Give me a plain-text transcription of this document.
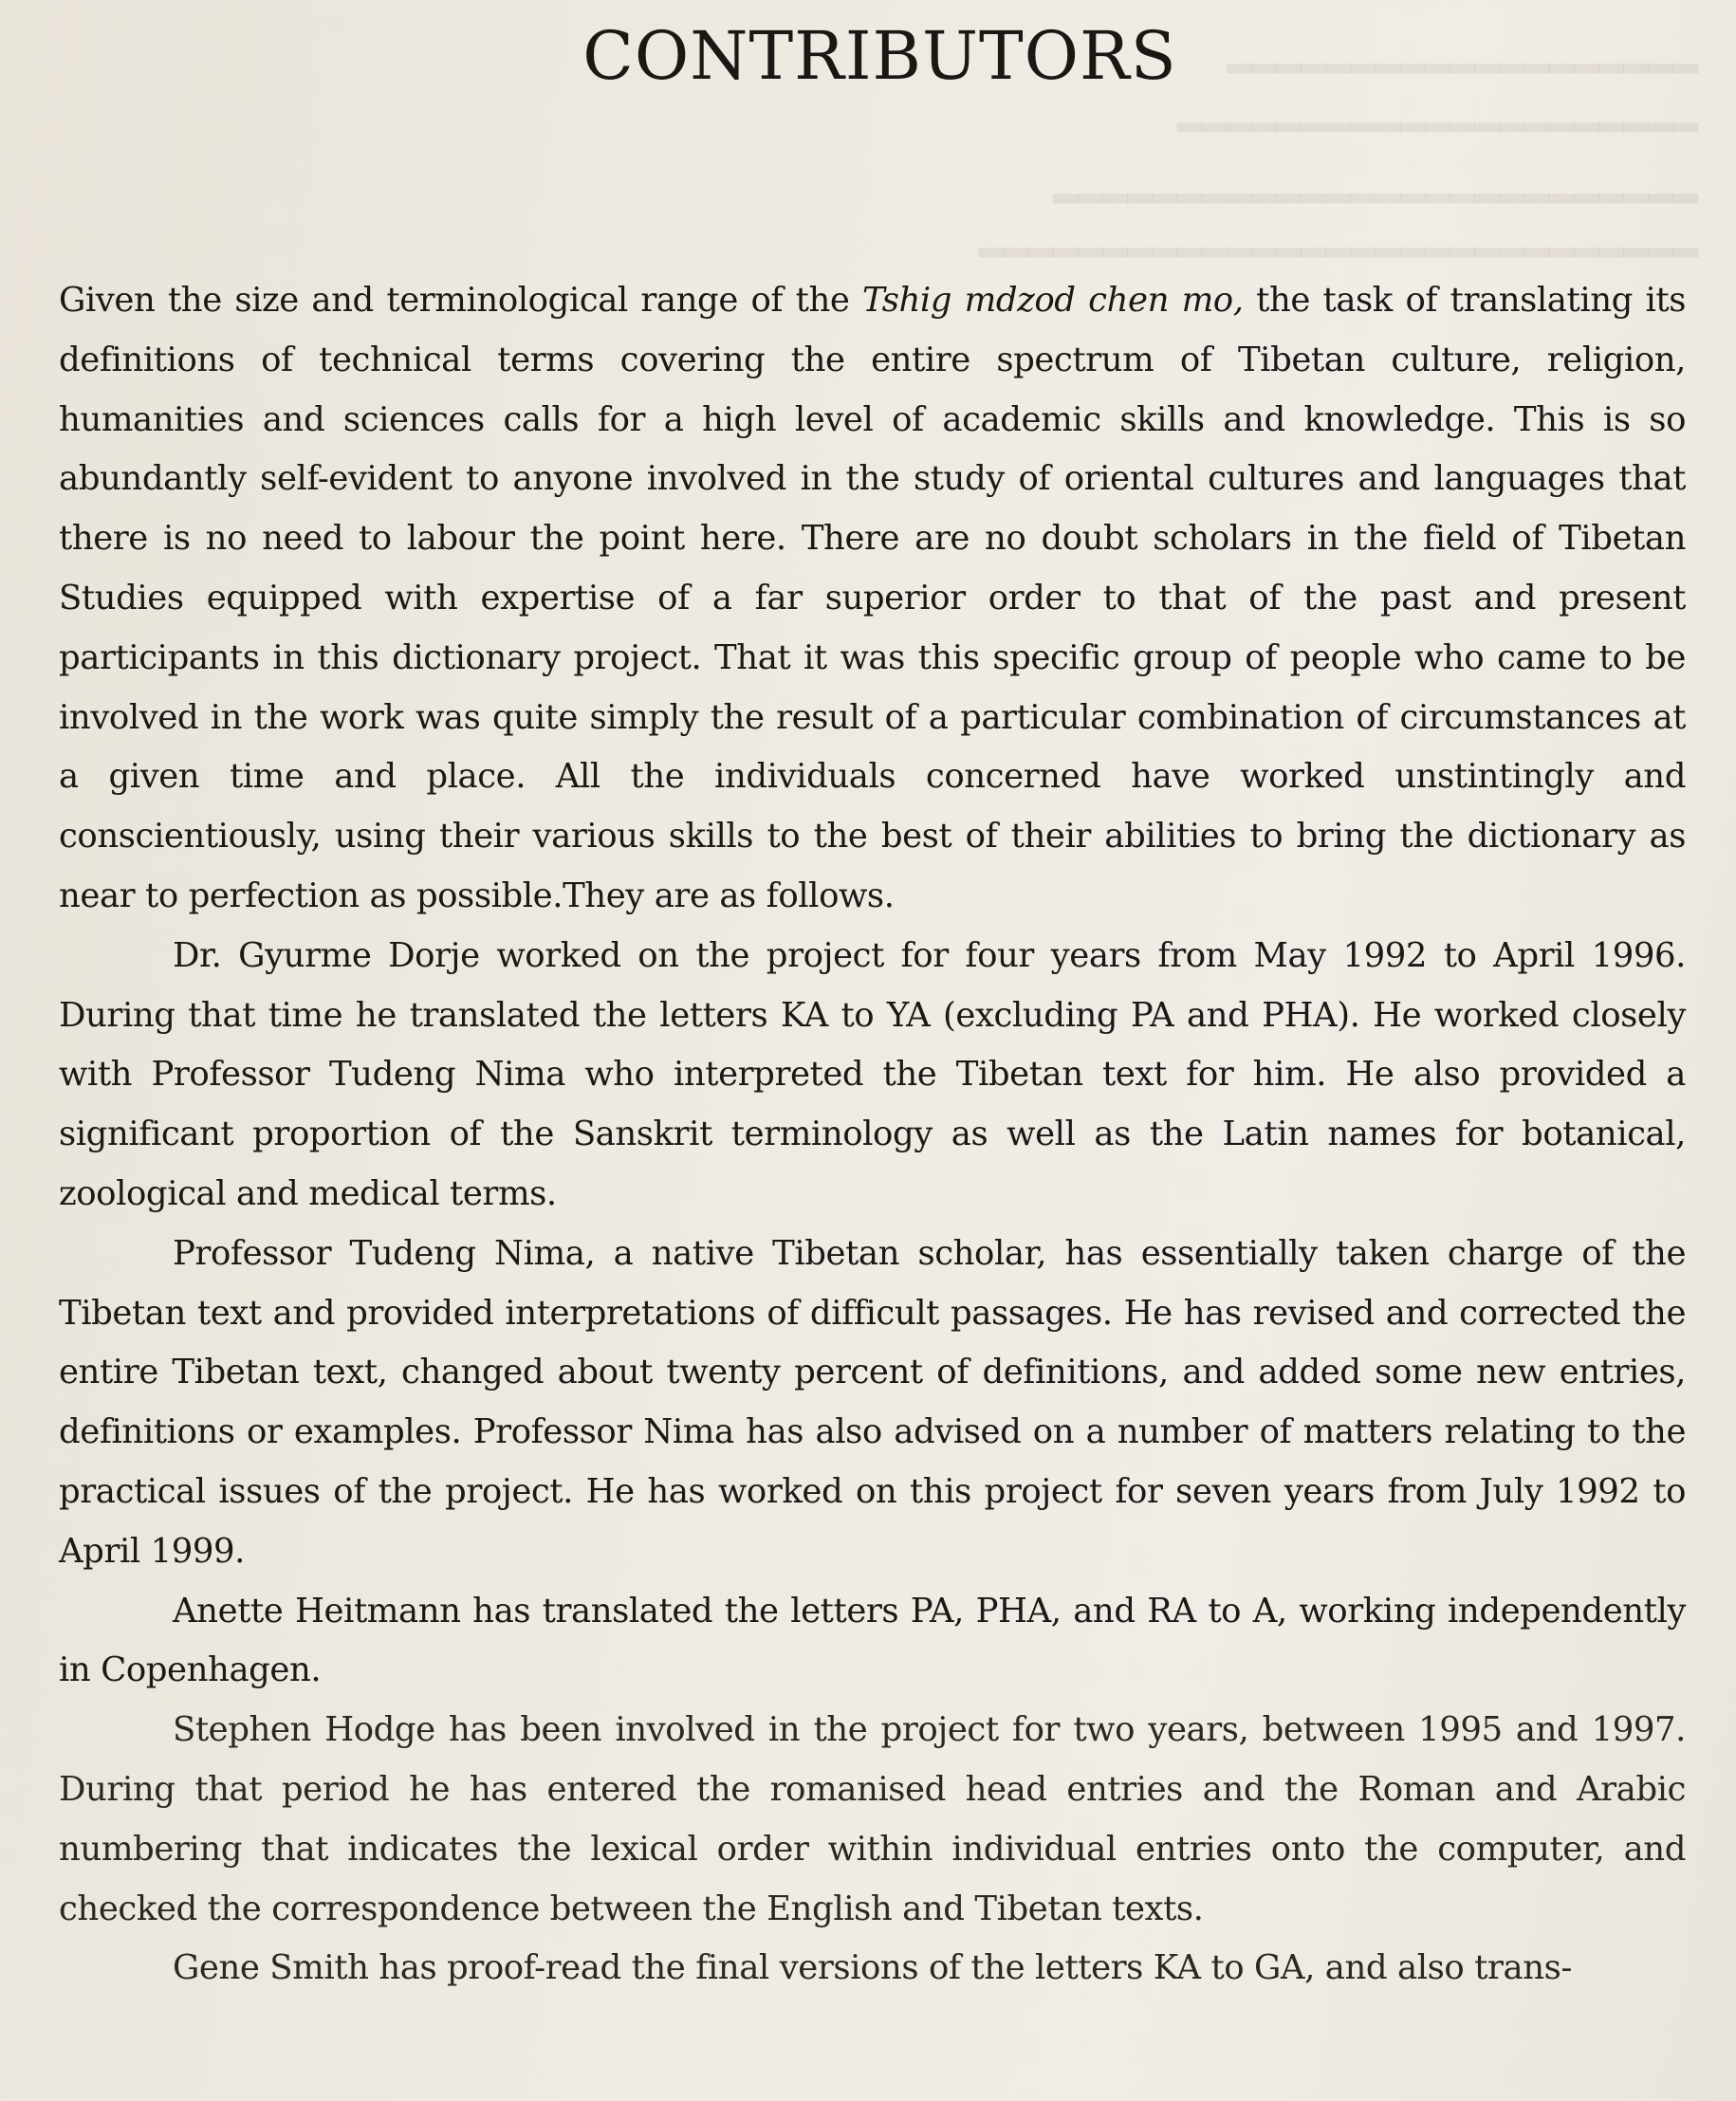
▂▂▂▂▂▂▂▂▂▂▂▂▂▂▂▂▂▂▂
▂▂▂▂▂▂▂▂▂▂▂▂▂▂▂▂▂▂▂▂▂
▂▂▂▂▂▂▂▂▂▂▂▂▂▂▂▂▂▂▂▂▂▂▂▂▂▂
▂▂▂▂▂▂▂▂▂▂▂▂▂▂▂▂▂▂▂▂▂▂▂▂▂▂▂▂▂
CONTRIBUTORS

Given the size and terminological range of the Tshig mdzod chen mo, the task of translating its definitions of technical terms covering the entire spectrum of Tibetan culture, religion, humanities and sciences calls for a high level of academic skills and knowledge. This is so abundantly self-evident to anyone involved in the study of oriental cultures and languages that there is no need to labour the point here. There are no doubt scholars in the field of Tibetan Studies equipped with expertise of a far superior order to that of the past and present participants in this dictionary project. That it was this specific group of people who came to be involved in the work was quite simply the result of a particular combination of circumstances at a given time and place. All the individuals concerned have worked unstintingly and conscientiously, using their various skills to the best of their abilities to bring the dictionary as near to perfection as possible.They are as follows.

Dr. Gyurme Dorje worked on the project for four years from May 1992 to April 1996. During that time he translated the letters KA to YA (excluding PA and PHA). He worked closely with Professor Tudeng Nima who interpreted the Tibetan text for him. He also provided a significant proportion of the Sanskrit terminology as well as the Latin names for botanical, zoological and medical terms.

Professor Tudeng Nima, a native Tibetan scholar, has essentially taken charge of the Tibetan text and provided interpretations of difficult passages. He has revised and corrected the entire Tibetan text, changed about twenty percent of definitions, and added some new entries, definitions or examples. Professor Nima has also advised on a number of matters relating to the practical issues of the project. He has worked on this project for seven years from July 1992 to April 1999.

Anette Heitmann has translated the letters PA, PHA, and RA to A, working independently in Copenhagen.

Stephen Hodge has been involved in the project for two years, between 1995 and 1997. During that period he has entered the romanised head entries and the Roman and Arabic numbering that indicates the lexical order within individual entries onto the computer, and checked the correspondence between the English and Tibetan texts.

Gene Smith has proof-read the final versions of the letters KA to GA, and also trans-
